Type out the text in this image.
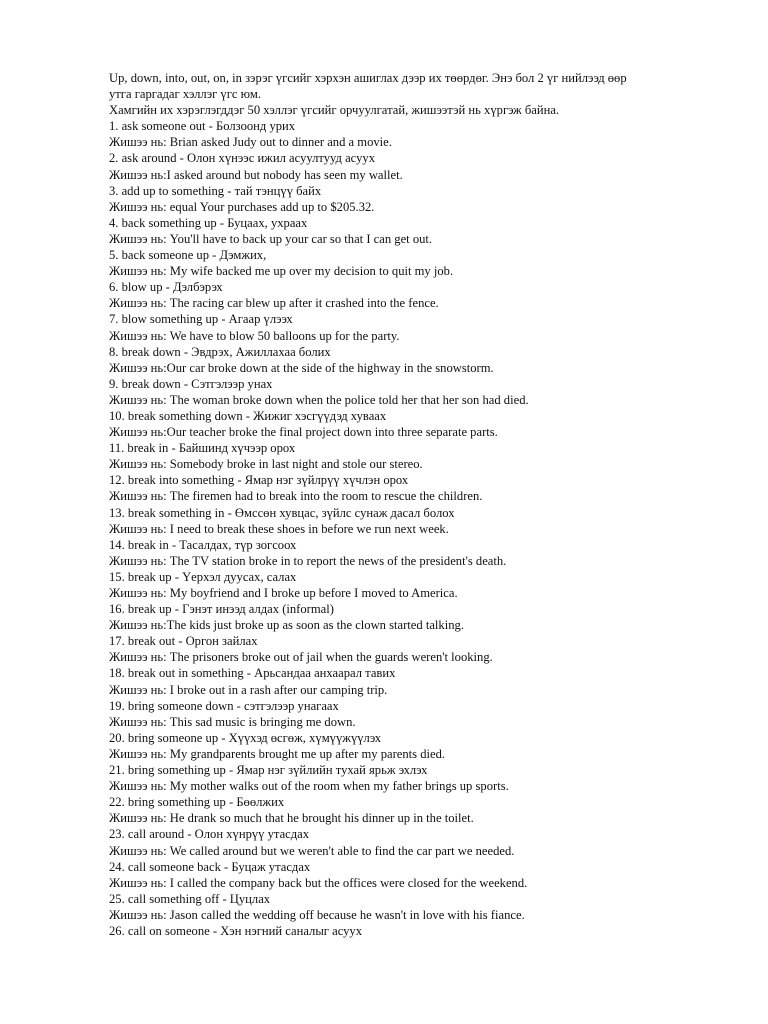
Up, down, into, out, on, in зэрэг үгсийг хэрхэн ашиглах дээр их төөрдөг. Энэ бол 2 үг нийлээд өөр утга гаргадаг хэллэг үгс юм.

Хамгийн их хэрэглэгддэг 50 хэллэг үгсийг орчуулгатай, жишээтэй нь хүргэж байна.

1. ask someone out - Болзоонд урих

Жишээ нь: Brian asked Judy out to dinner and a movie.

2. ask around - Олон хүнээс ижил асуултууд асуух

Жишээ нь:I asked around but nobody has seen my wallet.

3. add up to something - тай тэнцүү байх

Жишээ нь: equal Your purchases add up to $205.32.

4. back something up - Буцаах, ухраах

Жишээ нь: You'll have to back up your car so that I can get out.

5. back someone up - Дэмжих,

Жишээ нь: My wife backed me up over my decision to quit my job.

6. blow up - Дэлбэрэх

Жишээ нь: The racing car blew up after it crashed into the fence.

7. blow something up - Агаар үлээх

Жишээ нь: We have to blow 50 balloons up for the party.

8. break down - Эвдрэх, Ажиллахаа болих

Жишээ нь:Our car broke down at the side of the highway in the snowstorm.

9. break down - Сэтгэлээр унах

Жишээ нь: The woman broke down when the police told her that her son had died.

10. break something down - Жижиг хэсгүүдэд хуваах

Жишээ нь:Our teacher broke the final project down into three separate parts.

11. break in - Байшинд хүчээр орох

Жишээ нь: Somebody broke in last night and stole our stereo.

12. break into something - Ямар нэг зүйлрүү хүчлэн орох

Жишээ нь: The firemen had to break into the room to rescue the children.

13. break something in - Өмссөн хувцас, зүйлс сунаж дасал болох

Жишээ нь: I need to break these shoes in before we run next week.

14. break in - Тасалдах, түр зогсоох

Жишээ нь: The TV station broke in to report the news of the president's death.

15. break up - Үерхэл дуусах, салах

Жишээ нь: My boyfriend and I broke up before I moved to America.

16. break up - Гэнэт инээд алдах (informal)

Жишээ нь:The kids just broke up as soon as the clown started talking.

17. break out - Оргон зайлах

Жишээ нь: The prisoners broke out of jail when the guards weren't looking.

18. break out in something - Арьсандаа анхаарал тавих

Жишээ нь: I broke out in a rash after our camping trip.

19. bring someone down - сэтгэлээр унагаах

Жишээ нь: This sad music is bringing me down.

20. bring someone up - Хүүхэд өсгөж, хүмүүжүүлэх

Жишээ нь: My grandparents brought me up after my parents died.

21. bring something up - Ямар нэг зүйлийн тухай ярьж эхлэх

Жишээ нь: My mother walks out of the room when my father brings up sports.

22. bring something up - Бөөлжих

Жишээ нь: He drank so much that he brought his dinner up in the toilet.

23. call around - Олон хүнрүү утасдах

Жишээ нь: We called around but we weren't able to find the car part we needed.

24. call someone back - Буцаж утасдах

Жишээ нь: I called the company back but the offices were closed for the weekend.

25. call something off - Цуцлах

Жишээ нь: Jason called the wedding off because he wasn't in love with his fiance.

26. call on someone - Хэн нэгний саналыг асуух
